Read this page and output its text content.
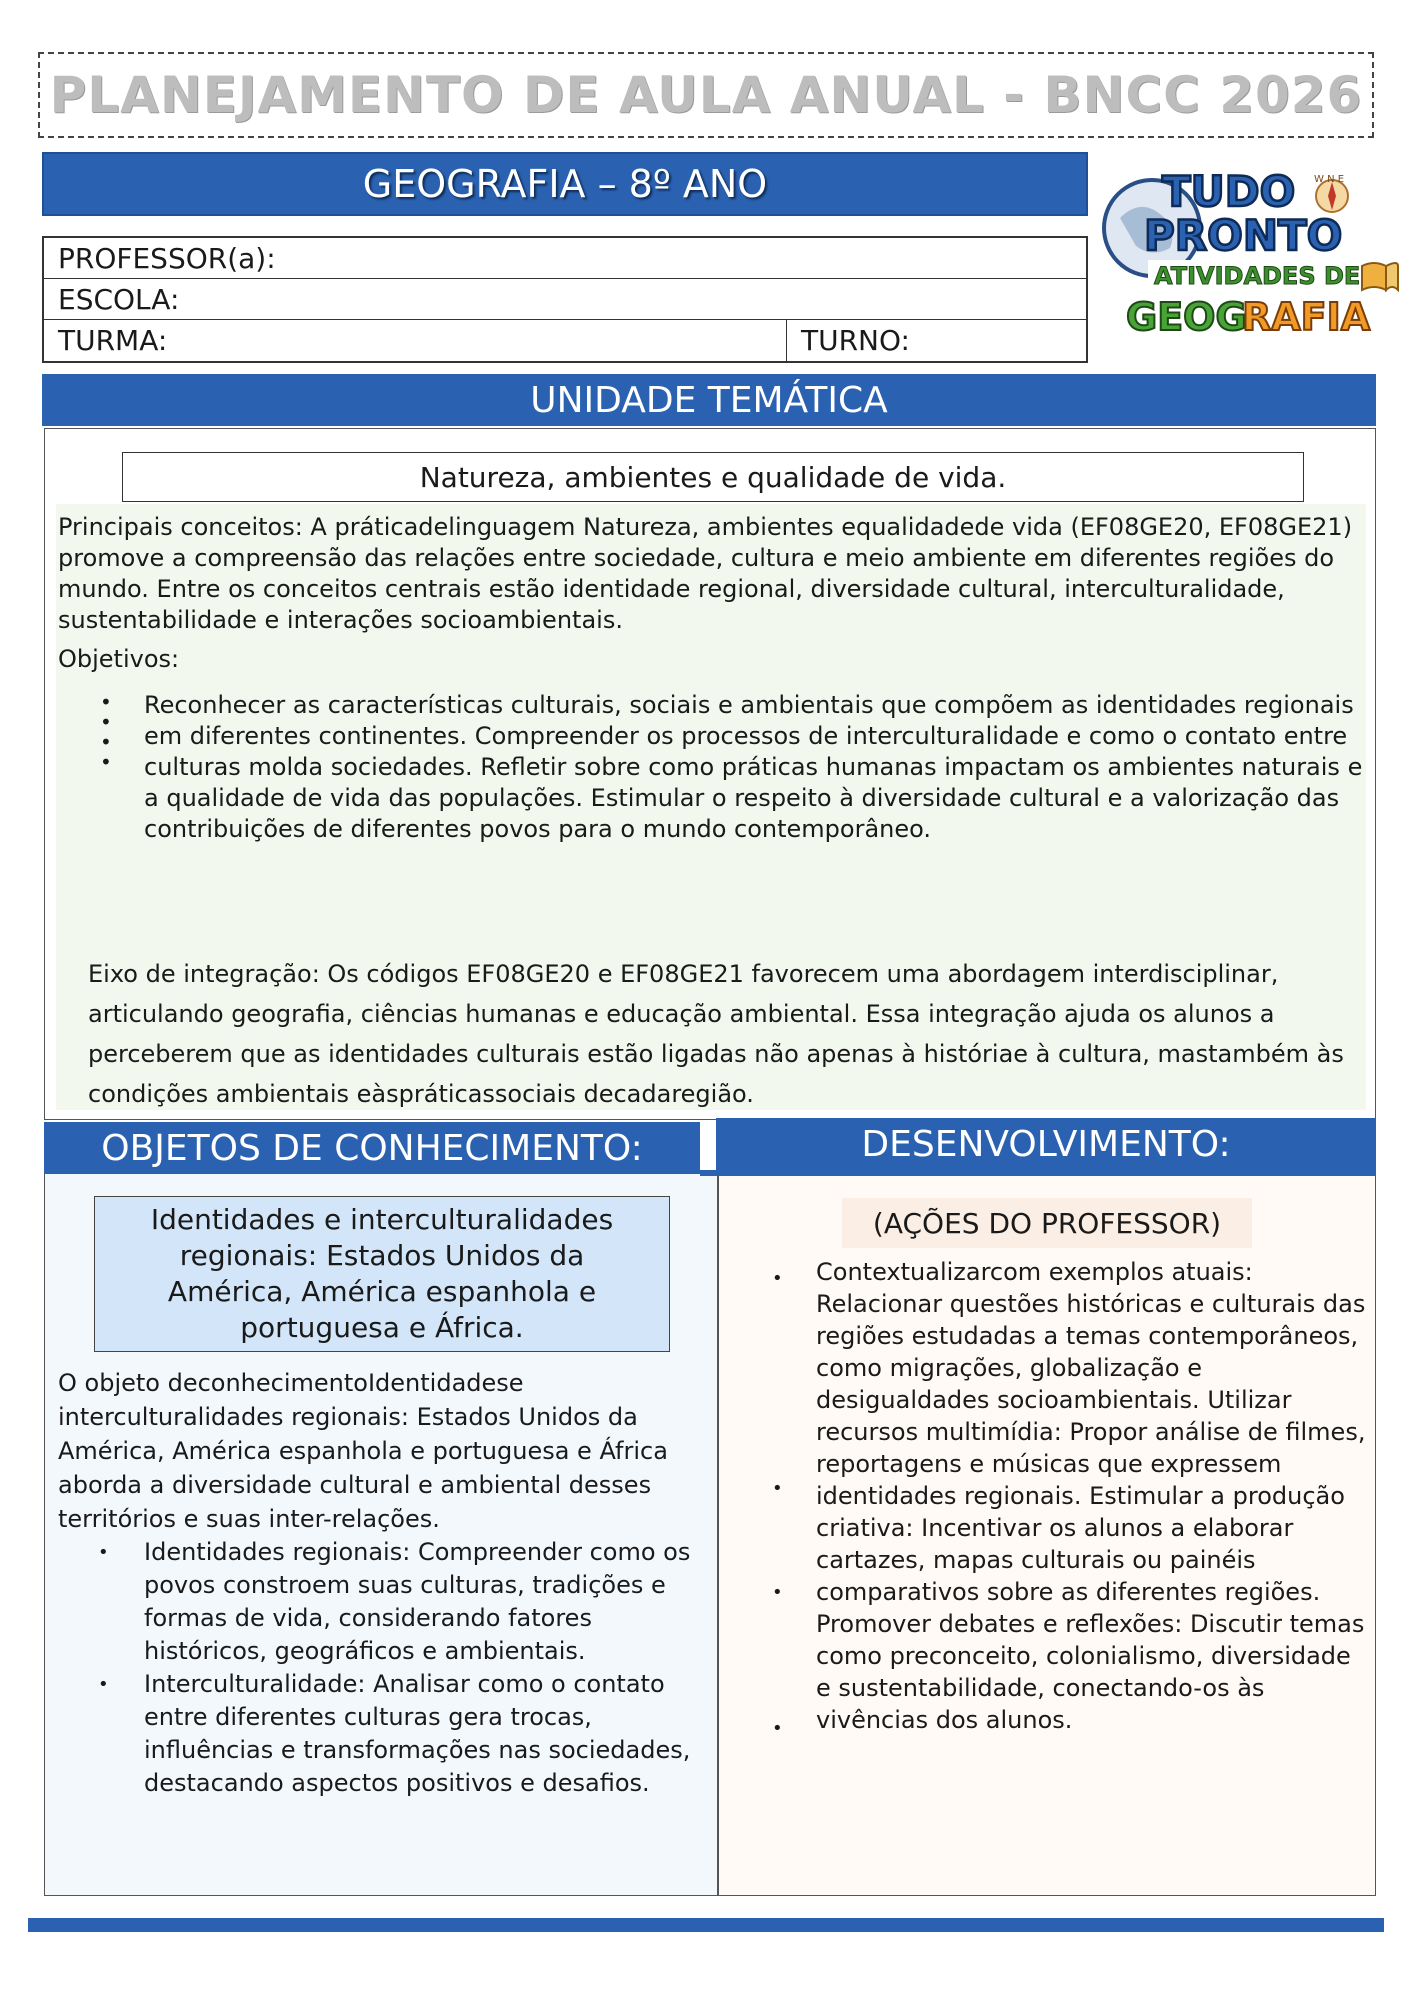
PLANEJAMENTO DE AULA ANUAL - BNCC 2026
GEOGRAFIA – 8º ANO
PROFESSOR(a):
ESCOLA:
TURMA:	TURNO:
W N E
TUDO
PRONTO
ATIVIDADES DE
GEOG
RAFIA
UNIDADE TEMÁTICA
Natureza, ambientes e qualidade de vida.
Principais conceitos: A práticadelinguagem Natureza, ambientes equalidadede vida (EF08GE20, EF08GE21) promove a compreensão das relações entre sociedade, cultura e meio ambiente em diferentes regiões do mundo. Entre os conceitos centrais estão identidade regional, diversidade cultural, interculturalidade, sustentabilidade e interações socioambientais.
Objetivos:
•
•
•
•
Reconhecer as características culturais, sociais e ambientais que compõem as identidades regionais em diferentes continentes. Compreender os processos de interculturalidade e como o contato entre culturas molda sociedades. Refletir sobre como práticas humanas impactam os ambientes naturais e a qualidade de vida das populações. Estimular o respeito à diversidade cultural e a valorização das contribuições de diferentes povos para o mundo contemporâneo.
Eixo de integração: Os códigos EF08GE20 e EF08GE21 favorecem uma abordagem interdisciplinar, articulando geografia, ciências humanas e educação ambiental. Essa integração ajuda os alunos a perceberem que as identidades culturais estão ligadas não apenas à históriae à cultura, mastambém às condições ambientais eàspráticassociais decadaregião.
OBJETOS DE CONHECIMENTO:	DESENVOLVIMENTO:
Identidades e interculturalidades regionais: Estados Unidos da América, América espanhola e portuguesa e África.
O objeto deconhecimentoIdentidadese interculturalidades regionais: Estados Unidos da América, América espanhola e portuguesa e África aborda a diversidade cultural e ambiental desses territórios e suas inter-relações.
•	Identidades regionais: Compreender como os povos constroem suas culturas, tradições e formas de vida, considerando fatores históricos, geográficos e ambientais.
•	Interculturalidade: Analisar como o contato entre diferentes culturas gera trocas, influências e transformações nas sociedades, destacando aspectos positivos e desafios.
(AÇÕES DO PROFESSOR)
•
•
•
•
Contextualizarcom exemplos atuais: Relacionar questões históricas e culturais das regiões estudadas a temas contemporâneos, como migrações, globalização e desigualdades socioambientais. Utilizar recursos multimídia: Propor análise de filmes, reportagens e músicas que expressem identidades regionais. Estimular a produção criativa: Incentivar os alunos a elaborar cartazes, mapas culturais ou painéis comparativos sobre as diferentes regiões. Promover debates e reflexões: Discutir temas como preconceito, colonialismo, diversidade e sustentabilidade, conectando-os às vivências dos alunos.
